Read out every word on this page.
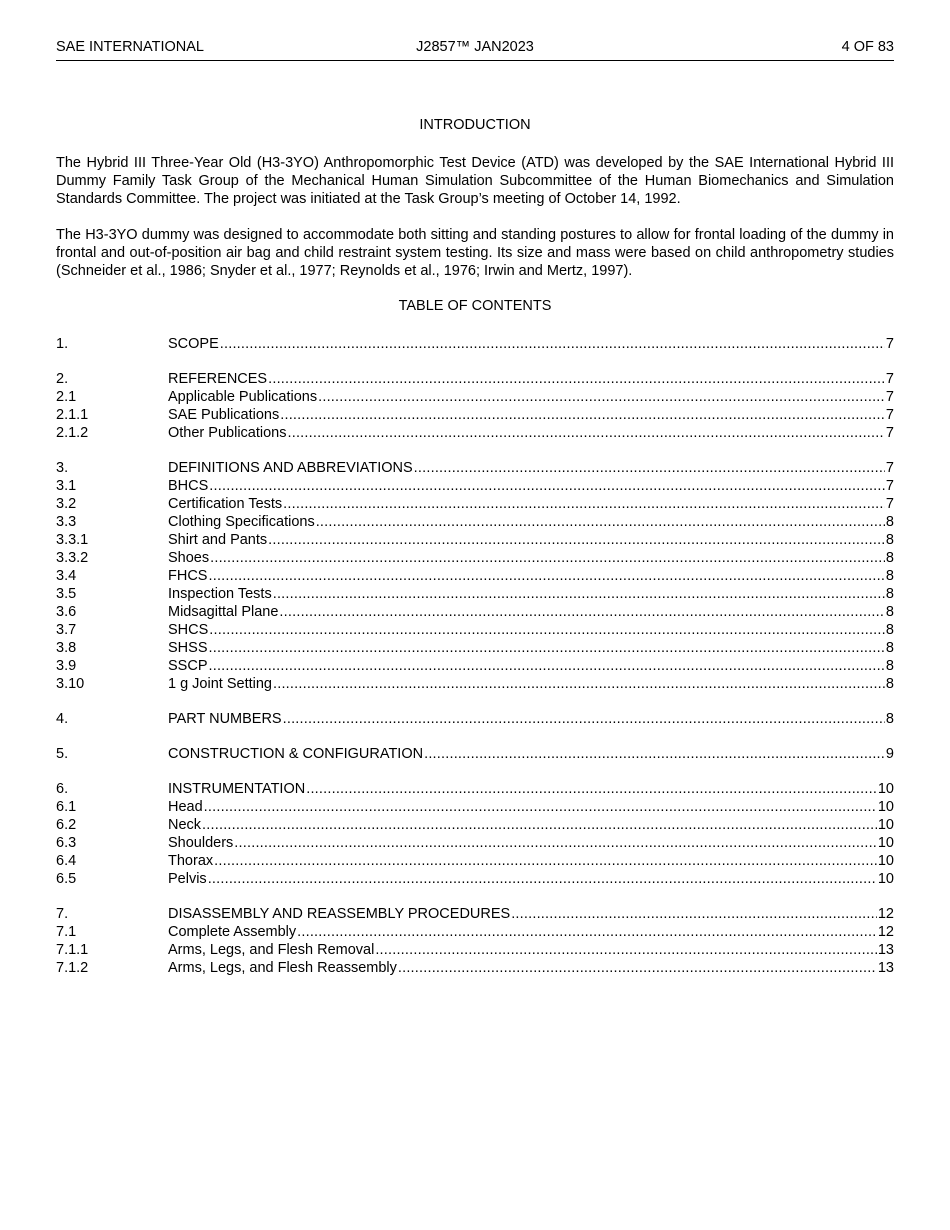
SAE INTERNATIONAL	J2857™ JAN2023	4 OF 83
INTRODUCTION

The Hybrid III Three-Year Old (H3-3YO) Anthropomorphic Test Device (ATD) was developed by the SAE International Hybrid III Dummy Family Task Group of the Mechanical Human Simulation Subcommittee of the Human Biomechanics and Simulation Standards Committee. The project was initiated at the Task Group’s meeting of October 14, 1992.

The H3-3YO dummy was designed to accommodate both sitting and standing postures to allow for frontal loading of the dummy in frontal and out-of-position air bag and child restraint system testing. Its size and mass were based on child anthropometry studies (Schneider et al., 1986; Snyder et al., 1977; Reynolds et al., 1976; Irwin and Mertz, 1997).

TABLE OF CONTENTS
1.	SCOPE .....	7
2.	REFERENCES .....	7
2.1	Applicable Publications .....	7
2.1.1	SAE Publications .....	7
2.1.2	Other Publications .....	7
3.	DEFINITIONS AND ABBREVIATIONS .....	7
3.1	BHCS .....	7
3.2	Certification Tests .....	7
3.3	Clothing Specifications .....	8
3.3.1	Shirt and Pants .....	8
3.3.2	Shoes .....	8
3.4	FHCS .....	8
3.5	Inspection Tests .....	8
3.6	Midsagittal Plane .....	8
3.7	SHCS .....	8
3.8	SHSS .....	8
3.9	SSCP .....	8
3.10	1 g Joint Setting .....	8
4.	PART NUMBERS .....	8
5.	CONSTRUCTION & CONFIGURATION .....	9
6.	INSTRUMENTATION .....	10
6.1	Head .....	10
6.2	Neck .....	10
6.3	Shoulders .....	10
6.4	Thorax .....	10
6.5	Pelvis .....	10
7.	DISASSEMBLY AND REASSEMBLY PROCEDURES .....	12
7.1	Complete Assembly .....	12
7.1.1	Arms, Legs, and Flesh Removal .....	13
7.1.2	Arms, Legs, and Flesh Reassembly .....	13
